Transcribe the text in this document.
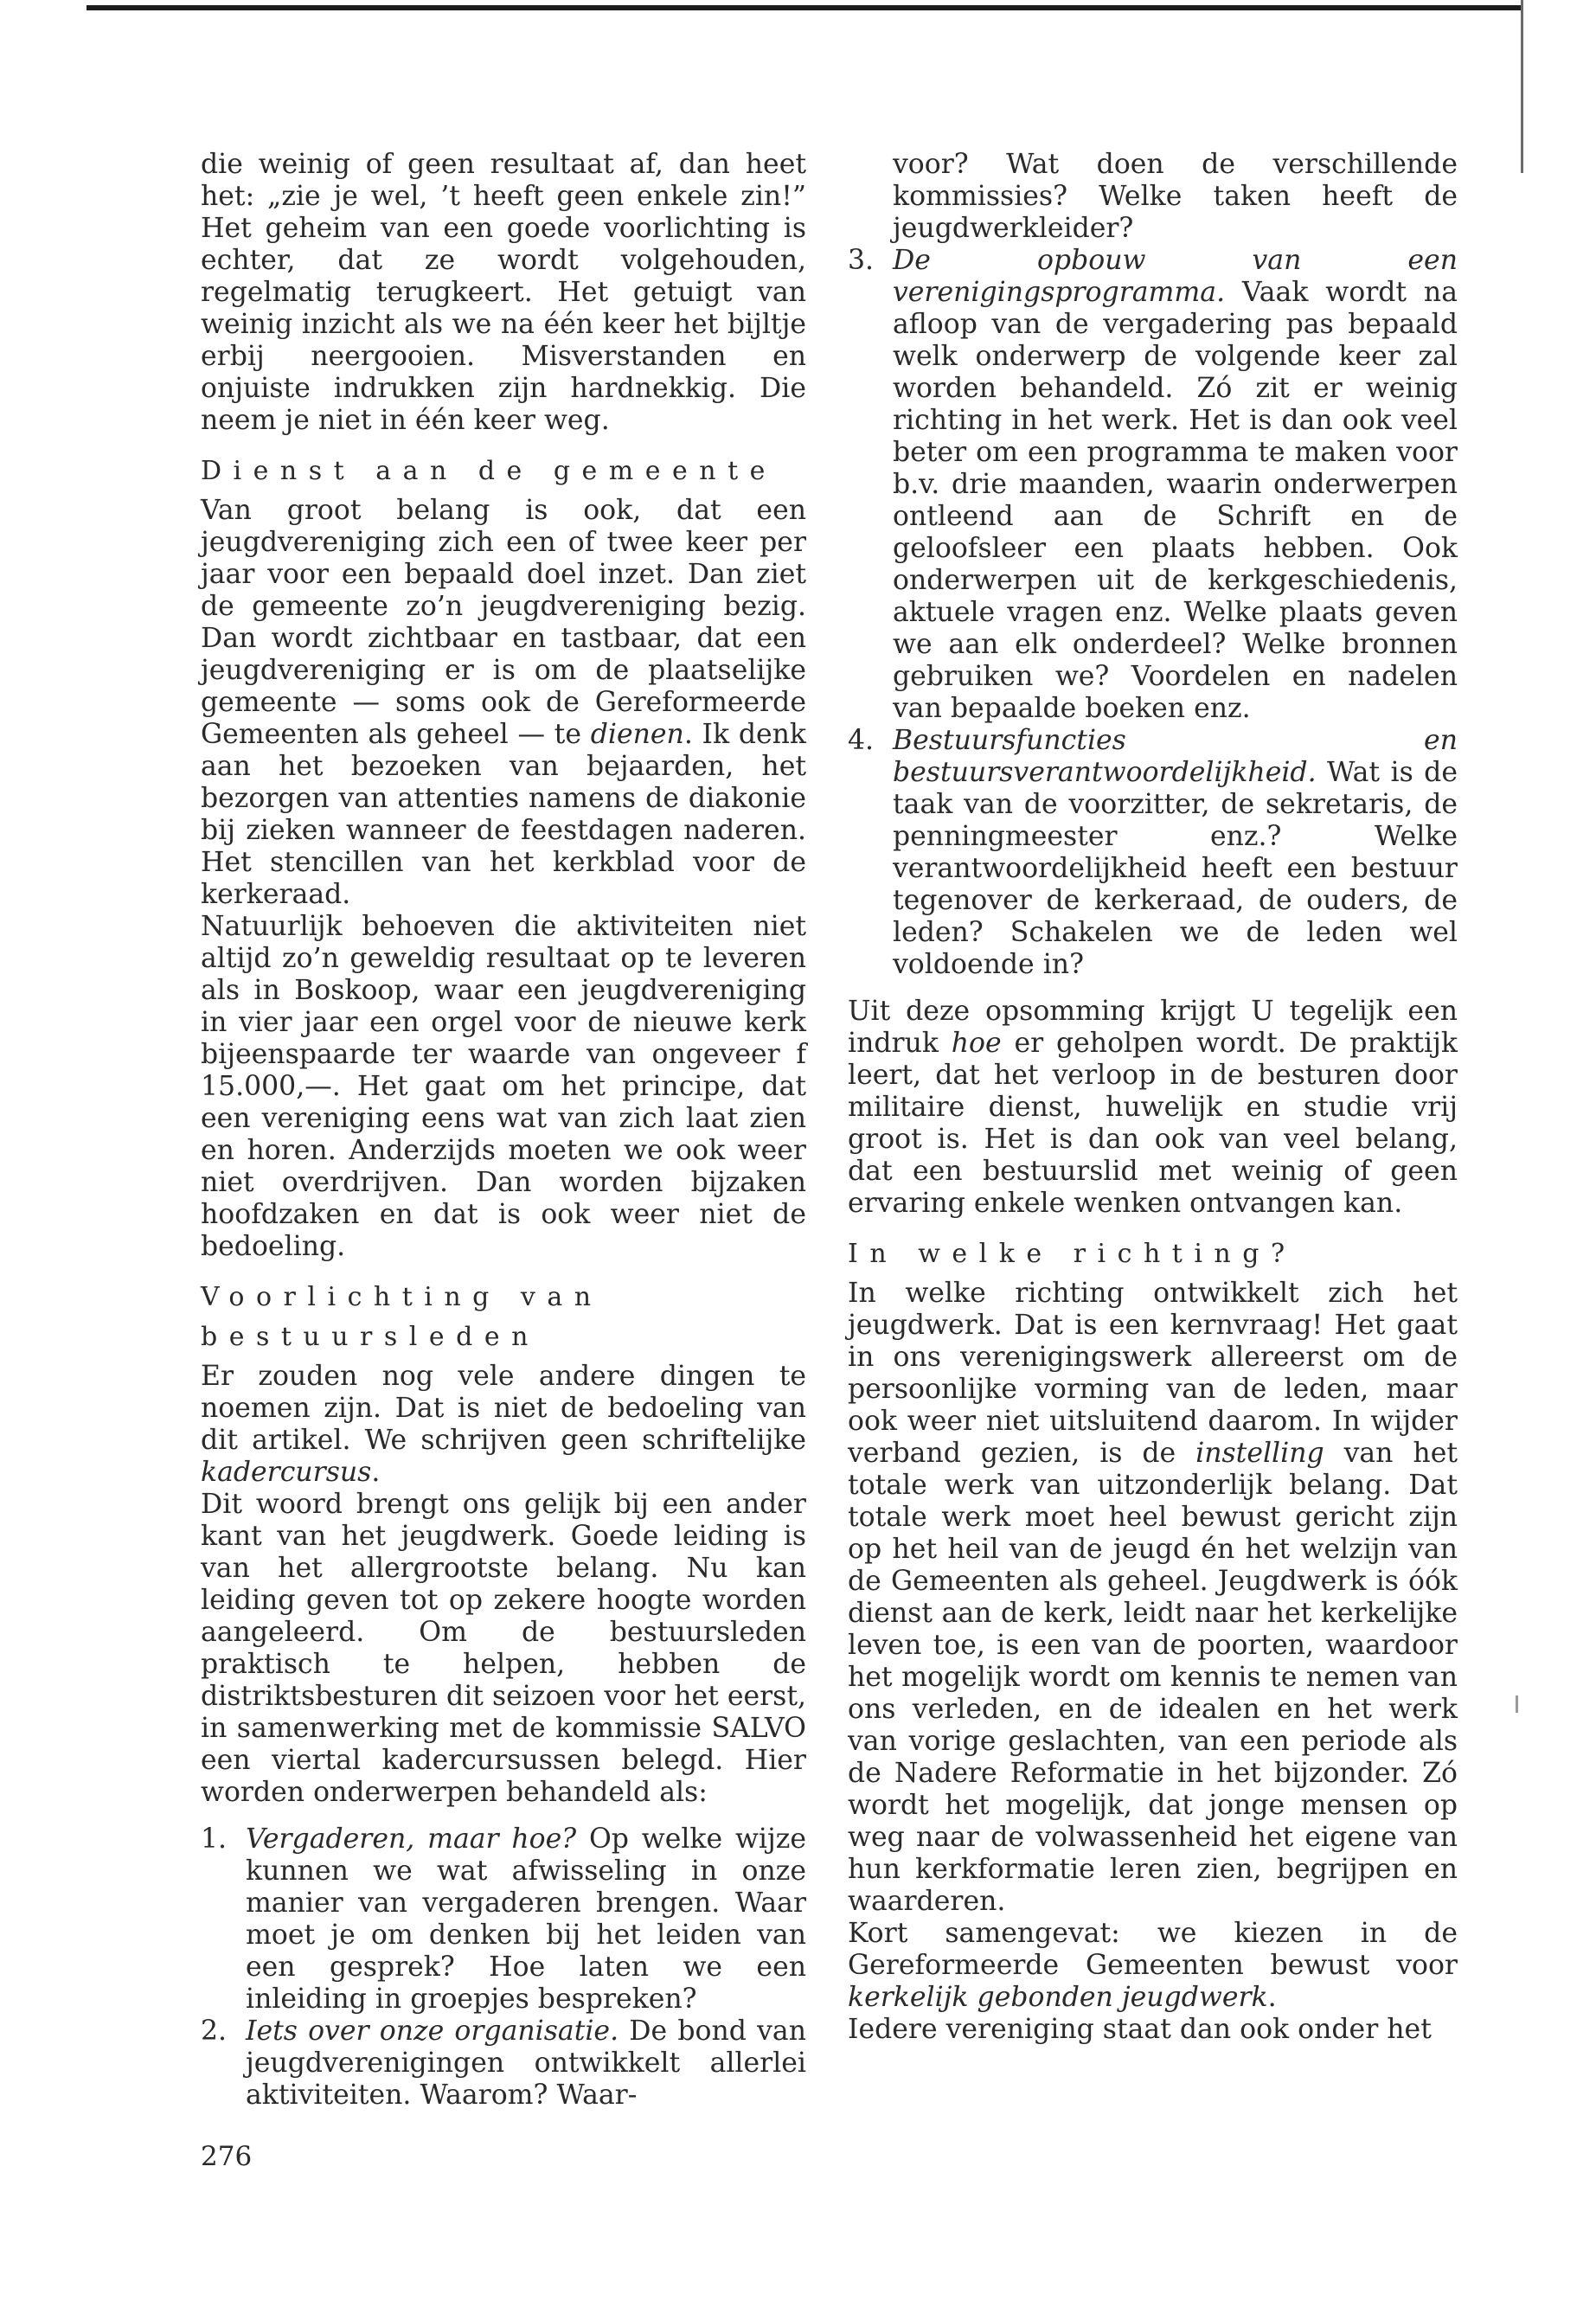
die weinig of geen resultaat af, dan heet het: „zie je wel, ’t heeft geen enkele zin!” Het geheim van een goede voorlichting is echter, dat ze wordt volgehouden, regelmatig terugkeert. Het getuigt van weinig inzicht als we na één keer het bijltje erbij neergooien. Misverstanden en onjuiste indrukken zijn hardnekkig. Die neem je niet in één keer weg.

Dienst aan de gemeente

Van groot belang is ook, dat een jeugdvereniging zich een of twee keer per jaar voor een bepaald doel inzet. Dan ziet de gemeente zo’n jeugdvereniging bezig. Dan wordt zichtbaar en tastbaar, dat een jeugdvereniging er is om de plaatselijke gemeente — soms ook de Gereformeerde Gemeenten als geheel — te dienen. Ik denk aan het bezoeken van bejaarden, het bezorgen van attenties namens de diakonie bij zieken wanneer de feestdagen naderen. Het stencillen van het kerkblad voor de kerkeraad.

Natuurlijk behoeven die aktiviteiten niet altijd zo’n geweldig resultaat op te leveren als in Boskoop, waar een jeugdvereniging in vier jaar een orgel voor de nieuwe kerk bijeenspaarde ter waarde van ongeveer f 15.000,—. Het gaat om het principe, dat een vereniging eens wat van zich laat zien en horen. Anderzijds moeten we ook weer niet overdrijven. Dan worden bijzaken hoofdzaken en dat is ook weer niet de bedoeling.

Voorlichting van
bestuursleden

Er zouden nog vele andere dingen te noemen zijn. Dat is niet de bedoeling van dit artikel. We schrijven geen schriftelijke kadercursus.

Dit woord brengt ons gelijk bij een ander kant van het jeugdwerk. Goede leiding is van het allergrootste belang. Nu kan leiding geven tot op zekere hoogte worden aangeleerd. Om de bestuursleden praktisch te helpen, hebben de distriktsbesturen dit seizoen voor het eerst, in samenwerking met de kommissie SALVO een viertal kadercursussen belegd. Hier worden onderwerpen behandeld als:

1. Vergaderen, maar hoe? Op welke wijze kunnen we wat afwisseling in onze manier van vergaderen brengen. Waar moet je om denken bij het leiden van een gesprek? Hoe laten we een inleiding in groepjes bespreken?
2. Iets over onze organisatie. De bond van jeugdverenigingen ontwikkelt allerlei aktiviteiten. Waarom? Waar-
voor? Wat doen de verschillende kommissies? Welke taken heeft de jeugdwerkleider?
3. De opbouw van een verenigingsprogramma. Vaak wordt na afloop van de vergadering pas bepaald welk onderwerp de volgende keer zal worden behandeld. Zó zit er weinig richting in het werk. Het is dan ook veel beter om een programma te maken voor b.v. drie maanden, waarin onderwerpen ontleend aan de Schrift en de geloofsleer een plaats hebben. Ook onderwerpen uit de kerkgeschiedenis, aktuele vragen enz. Welke plaats geven we aan elk onderdeel? Welke bronnen gebruiken we? Voordelen en nadelen van bepaalde boeken enz.
4. Bestuursfuncties en bestuursverantwoordelijkheid. Wat is de taak van de voorzitter, de sekretaris, de penningmeester enz.? Welke verantwoordelijkheid heeft een bestuur tegenover de kerkeraad, de ouders, de leden? Schakelen we de leden wel voldoende in?

Uit deze opsomming krijgt U tegelijk een indruk hoe er geholpen wordt. De praktijk leert, dat het verloop in de besturen door militaire dienst, huwelijk en studie vrij groot is. Het is dan ook van veel belang, dat een bestuurslid met weinig of geen ervaring enkele wenken ontvangen kan.

In welke richting?

In welke richting ontwikkelt zich het jeugdwerk. Dat is een kernvraag! Het gaat in ons verenigingswerk allereerst om de persoonlijke vorming van de leden, maar ook weer niet uitsluitend daarom. In wijder verband gezien, is de instelling van het totale werk van uitzonderlijk belang. Dat totale werk moet heel bewust gericht zijn op het heil van de jeugd én het welzijn van de Gemeenten als geheel. Jeugdwerk is óók dienst aan de kerk, leidt naar het kerkelijke leven toe, is een van de poorten, waardoor het mogelijk wordt om kennis te nemen van ons verleden, en de idealen en het werk van vorige geslachten, van een periode als de Nadere Reformatie in het bijzonder. Zó wordt het mogelijk, dat jonge mensen op weg naar de volwassenheid het eigene van hun kerkformatie leren zien, begrijpen en waarderen.

Kort samengevat: we kiezen in de Gereformeerde Gemeenten bewust voor kerkelijk gebonden jeugdwerk.

Iedere vereniging staat dan ook onder het

276
